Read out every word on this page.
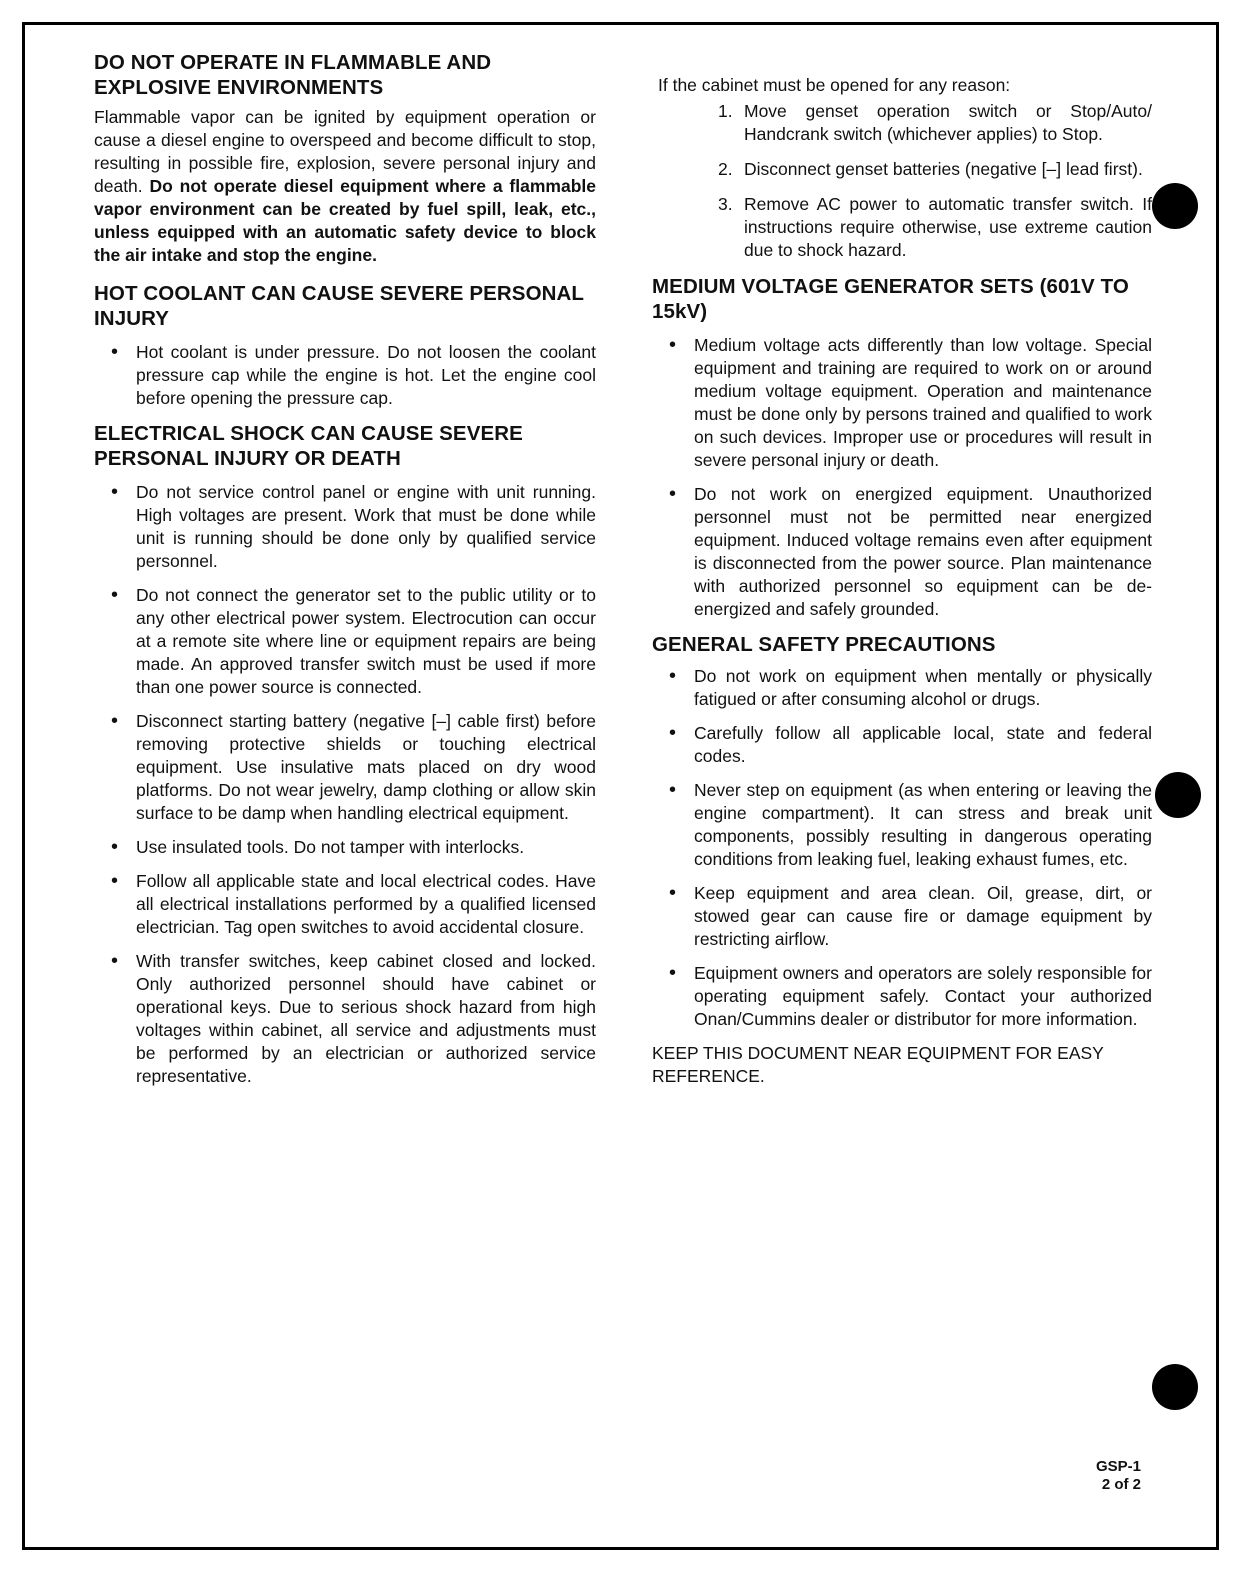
DO NOT OPERATE IN FLAMMABLE AND EXPLOSIVE ENVIRONMENTS

Flammable vapor can be ignited by equipment operation or cause a diesel engine to overspeed and become difficult to stop, resulting in possible fire, explosion, severe personal injury and death. Do not operate diesel equipment where a flammable vapor environment can be created by fuel spill, leak, etc., unless equipped with an automatic safety device to block the air intake and stop the engine.

HOT COOLANT CAN CAUSE SEVERE PERSONAL INJURY
• Hot coolant is under pressure. Do not loosen the coolant pressure cap while the engine is hot. Let the engine cool before opening the pressure cap.
ELECTRICAL SHOCK CAN CAUSE SEVERE PERSONAL INJURY OR DEATH
• Do not service control panel or engine with unit running. High voltages are present. Work that must be done while unit is running should be done only by qualified service personnel.
• Do not connect the generator set to the public utility or to any other electrical power system. Electrocution can occur at a remote site where line or equipment repairs are being made. An approved transfer switch must be used if more than one power source is connected.
• Disconnect starting battery (negative [–] cable first) before removing protective shields or touching electrical equipment. Use insulative mats placed on dry wood platforms. Do not wear jewelry, damp clothing or allow skin surface to be damp when handling electrical equipment.
• Use insulated tools. Do not tamper with interlocks.
• Follow all applicable state and local electrical codes. Have all electrical installations performed by a qualified licensed electrician. Tag open switches to avoid accidental closure.
• With transfer switches, keep cabinet closed and locked. Only authorized personnel should have cabinet or operational keys. Due to serious shock hazard from high voltages within cabinet, all service and adjustments must be performed by an electrician or authorized service representative.
If the cabinet must be opened for any reason:
1. Move genset operation switch or Stop/Auto/ Handcrank switch (whichever applies) to Stop.
2. Disconnect genset batteries (negative [–] lead first).
3. Remove AC power to automatic transfer switch. If instructions require otherwise, use extreme caution due to shock hazard.
MEDIUM VOLTAGE GENERATOR SETS (601V TO 15kV)
• Medium voltage acts differently than low voltage. Special equipment and training are required to work on or around medium voltage equipment. Operation and maintenance must be done only by persons trained and qualified to work on such devices. Improper use or procedures will result in severe personal injury or death.
• Do not work on energized equipment. Unauthorized personnel must not be permitted near energized equipment. Induced voltage remains even after equipment is disconnected from the power source. Plan maintenance with authorized personnel so equipment can be de-energized and safely grounded.
GENERAL SAFETY PRECAUTIONS
• Do not work on equipment when mentally or physically fatigued or after consuming alcohol or drugs.
• Carefully follow all applicable local, state and federal codes.
• Never step on equipment (as when entering or leaving the engine compartment). It can stress and break unit components, possibly resulting in dangerous operating conditions from leaking fuel, leaking exhaust fumes, etc.
• Keep equipment and area clean. Oil, grease, dirt, or stowed gear can cause fire or damage equipment by restricting airflow.
• Equipment owners and operators are solely responsible for operating equipment safely. Contact your authorized Onan/Cummins dealer or distributor for more information.
KEEP THIS DOCUMENT NEAR EQUIPMENT FOR EASY REFERENCE.
GSP-1
2 of 2
